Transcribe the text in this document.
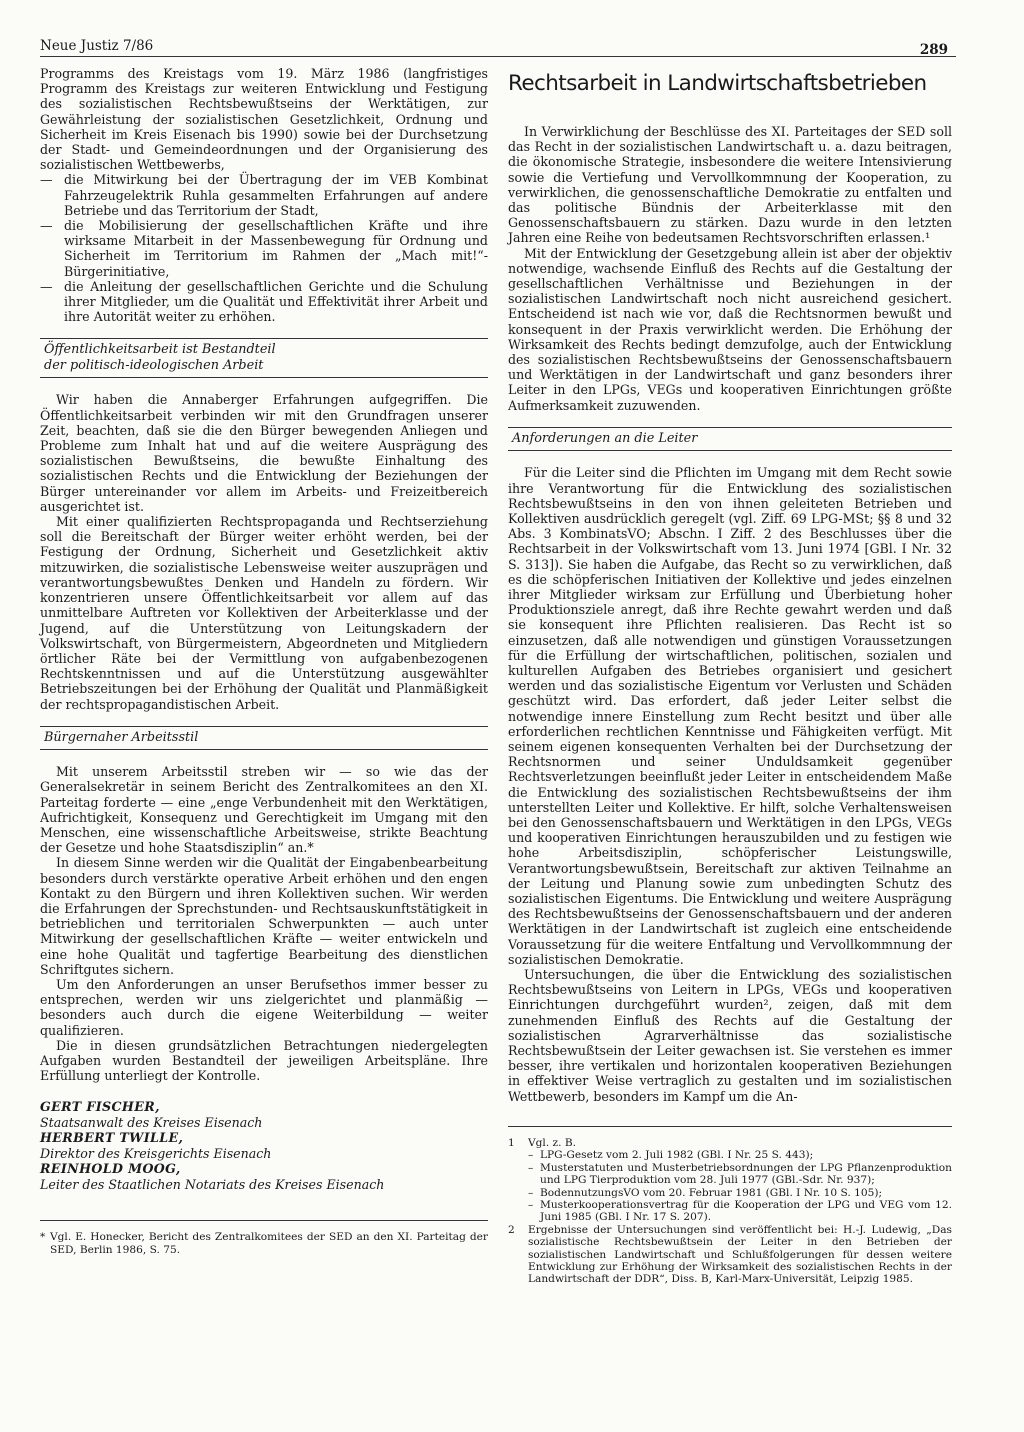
Neue Justiz 7/86	289

Programms des Kreistags vom 19. März 1986 (langfristiges Programm des Kreistags zur weiteren Entwicklung und Festigung des sozialistischen Rechtsbewußtseins der Werktätigen, zur Gewährleistung der sozialistischen Gesetzlichkeit, Ordnung und Sicherheit im Kreis Eisenach bis 1990) sowie bei der Durchsetzung der Stadt- und Gemeindeordnungen und der Organisierung des sozialistischen Wettbewerbs,

— die Mitwirkung bei der Übertragung der im VEB Kombinat Fahrzeugelektrik Ruhla gesammelten Erfahrungen auf andere Betriebe und das Territorium der Stadt,
— die Mobilisierung der gesellschaftlichen Kräfte und ihre wirksame Mitarbeit in der Massenbewegung für Ordnung und Sicherheit im Territorium im Rahmen der „Mach mit!“-Bürgerinitiative,
— die Anleitung der gesellschaftlichen Gerichte und die Schulung ihrer Mitglieder, um die Qualität und Effektivität ihrer Arbeit und ihre Autorität weiter zu erhöhen.
Öffentlichkeitsarbeit ist Bestandteil
der politisch-ideologischen Arbeit

Wir haben die Annaberger Erfahrungen aufgegriffen. Die Öffentlichkeitsarbeit verbinden wir mit den Grundfragen unserer Zeit, beachten, daß sie die den Bürger bewegenden Anliegen und Probleme zum Inhalt hat und auf die weitere Ausprägung des sozialistischen Bewußtseins, die bewußte Einhaltung des sozialistischen Rechts und die Entwicklung der Beziehungen der Bürger untereinander vor allem im Arbeits- und Freizeitbereich ausgerichtet ist.

Mit einer qualifizierten Rechtspropaganda und Rechtserziehung soll die Bereitschaft der Bürger weiter erhöht werden, bei der Festigung der Ordnung, Sicherheit und Gesetzlichkeit aktiv mitzuwirken, die sozialistische Lebensweise weiter auszuprägen und verantwortungsbewußtes Denken und Handeln zu fördern. Wir konzentrieren unsere Öffentlichkeitsarbeit vor allem auf das unmittelbare Auftreten vor Kollektiven der Arbeiterklasse und der Jugend, auf die Unterstützung von Leitungskadern der Volkswirtschaft, von Bürgermeistern, Abgeordneten und Mitgliedern örtlicher Räte bei der Vermittlung von aufgabenbezogenen Rechtskenntnissen und auf die Unterstützung ausgewählter Betriebszeitungen bei der Erhöhung der Qualität und Planmäßigkeit der rechtspropagandistischen Arbeit.

Bürgernaher Arbeitsstil

Mit unserem Arbeitsstil streben wir — so wie das der Generalsekretär in seinem Bericht des Zentralkomitees an den XI. Parteitag forderte — eine „enge Verbundenheit mit den Werktätigen, Aufrichtigkeit, Konsequenz und Gerechtigkeit im Umgang mit den Menschen, eine wissenschaftliche Arbeitsweise, strikte Beachtung der Gesetze und hohe Staatsdisziplin“ an.*

In diesem Sinne werden wir die Qualität der Eingabenbearbeitung besonders durch verstärkte operative Arbeit erhöhen und den engen Kontakt zu den Bürgern und ihren Kollektiven suchen. Wir werden die Erfahrungen der Sprechstunden- und Rechtsauskunftstätigkeit in betrieblichen und territorialen Schwerpunkten — auch unter Mitwirkung der gesellschaftlichen Kräfte — weiter entwickeln und eine hohe Qualität und tagfertige Bearbeitung des dienstlichen Schriftgutes sichern.

Um den Anforderungen an unser Berufsethos immer besser zu entsprechen, werden wir uns zielgerichtet und planmäßig — besonders auch durch die eigene Weiterbildung — weiter qualifizieren.

Die in diesen grundsätzlichen Betrachtungen niedergelegten Aufgaben wurden Bestandteil der jeweiligen Arbeitspläne. Ihre Erfüllung unterliegt der Kontrolle.

GERT FISCHER,
Staatsanwalt des Kreises Eisenach
HERBERT TWILLE,
Direktor des Kreisgerichts Eisenach
REINHOLD MOOG,
Leiter des Staatlichen Notariats des Kreises Eisenach

* Vgl. E. Honecker, Bericht des Zentralkomitees der SED an den XI. Parteitag der SED, Berlin 1986, S. 75.

Rechtsarbeit in Landwirtschaftsbetrieben

In Verwirklichung der Beschlüsse des XI. Parteitages der SED soll das Recht in der sozialistischen Landwirtschaft u. a. dazu beitragen, die ökonomische Strategie, insbesondere die weitere Intensivierung sowie die Vertiefung und Vervollkommnung der Kooperation, zu verwirklichen, die genossenschaftliche Demokratie zu entfalten und das politische Bündnis der Arbeiterklasse mit den Genossenschaftsbauern zu stärken. Dazu wurde in den letzten Jahren eine Reihe von bedeutsamen Rechtsvorschriften erlassen.¹

Mit der Entwicklung der Gesetzgebung allein ist aber der objektiv notwendige, wachsende Einfluß des Rechts auf die Gestaltung der gesellschaftlichen Verhältnisse und Beziehungen in der sozialistischen Landwirtschaft noch nicht ausreichend gesichert. Entscheidend ist nach wie vor, daß die Rechtsnormen bewußt und konsequent in der Praxis verwirklicht werden. Die Erhöhung der Wirksamkeit des Rechts bedingt demzufolge, auch der Entwicklung des sozialistischen Rechtsbewußtseins der Genossenschaftsbauern und Werktätigen in der Landwirtschaft und ganz besonders ihrer Leiter in den LPGs, VEGs und kooperativen Einrichtungen größte Aufmerksamkeit zuzuwenden.

Anforderungen an die Leiter

Für die Leiter sind die Pflichten im Umgang mit dem Recht sowie ihre Verantwortung für die Entwicklung des sozialistischen Rechtsbewußtseins in den von ihnen geleiteten Betrieben und Kollektiven ausdrücklich geregelt (vgl. Ziff. 69 LPG-MSt; §§ 8 und 32 Abs. 3 KombinatsVO; Abschn. I Ziff. 2 des Beschlusses über die Rechtsarbeit in der Volkswirtschaft vom 13. Juni 1974 [GBl. I Nr. 32 S. 313]). Sie haben die Aufgabe, das Recht so zu verwirklichen, daß es die schöpferischen Initiativen der Kollektive und jedes einzelnen ihrer Mitglieder wirksam zur Erfüllung und Überbietung hoher Produktionsziele anregt, daß ihre Rechte gewahrt werden und daß sie konsequent ihre Pflichten realisieren. Das Recht ist so einzusetzen, daß alle notwendigen und günstigen Voraussetzungen für die Erfüllung der wirtschaftlichen, politischen, sozialen und kulturellen Aufgaben des Betriebes organisiert und gesichert werden und das sozialistische Eigentum vor Verlusten und Schäden geschützt wird. Das erfordert, daß jeder Leiter selbst die notwendige innere Einstellung zum Recht besitzt und über alle erforderlichen rechtlichen Kenntnisse und Fähigkeiten verfügt. Mit seinem eigenen konsequenten Verhalten bei der Durchsetzung der Rechtsnormen und seiner Unduldsamkeit gegenüber Rechtsverletzungen beeinflußt jeder Leiter in entscheidendem Maße die Entwicklung des sozialistischen Rechtsbewußtseins der ihm unterstellten Leiter und Kollektive. Er hilft, solche Verhaltensweisen bei den Genossenschaftsbauern und Werktätigen in den LPGs, VEGs und kooperativen Einrichtungen herauszubilden und zu festigen wie hohe Arbeitsdisziplin, schöpferischer Leistungswille, Verantwortungsbewußtsein, Bereitschaft zur aktiven Teilnahme an der Leitung und Planung sowie zum unbedingten Schutz des sozialistischen Eigentums. Die Entwicklung und weitere Ausprägung des Rechtsbewußtseins der Genossenschaftsbauern und der anderen Werktätigen in der Landwirtschaft ist zugleich eine entscheidende Voraussetzung für die weitere Entfaltung und Vervollkommnung der sozialistischen Demokratie.

Untersuchungen, die über die Entwicklung des sozialistischen Rechtsbewußtseins von Leitern in LPGs, VEGs und kooperativen Einrichtungen durchgeführt wurden², zeigen, daß mit dem zunehmenden Einfluß des Rechts auf die Gestaltung der sozialistischen Agrarverhältnisse das sozialistische Rechtsbewußtsein der Leiter gewachsen ist. Sie verstehen es immer besser, ihre vertikalen und horizontalen kooperativen Beziehungen in effektiver Weise vertraglich zu gestalten und im sozialistischen Wettbewerb, besonders im Kampf um die An-

1 Vgl. z. B.
– LPG-Gesetz vom 2. Juli 1982 (GBl. I Nr. 25 S. 443);
– Musterstatuten und Musterbetriebsordnungen der LPG Pflanzenproduktion und LPG Tierproduktion vom 28. Juli 1977 (GBl.-Sdr. Nr. 937);
– BodennutzungsVO vom 20. Februar 1981 (GBl. I Nr. 10 S. 105);
– Musterkooperationsvertrag für die Kooperation der LPG und VEG vom 12. Juni 1985 (GBl. I Nr. 17 S. 207).
2 Ergebnisse der Untersuchungen sind veröffentlicht bei: H.-J. Ludewig, „Das sozialistische Rechtsbewußtsein der Leiter in den Betrieben der sozialistischen Landwirtschaft und Schlußfolgerungen für dessen weitere Entwicklung zur Erhöhung der Wirksamkeit des sozialistischen Rechts in der Landwirtschaft der DDR“, Diss. B, Karl-Marx-Universität, Leipzig 1985.
